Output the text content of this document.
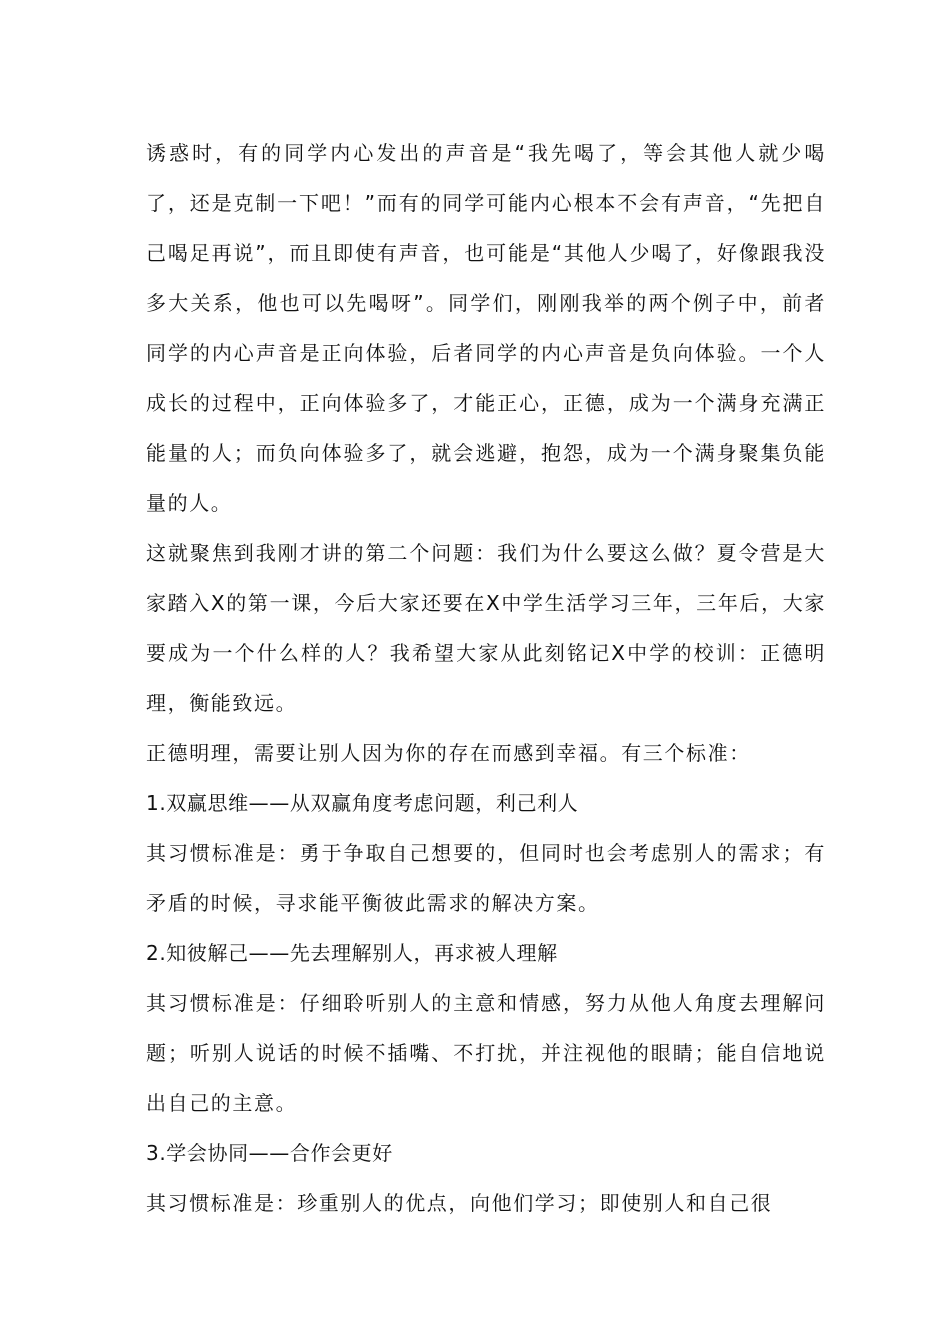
诱惑时，有的同学内心发出的声音是“我先喝了，等会其他人就少喝了，还是克制一下吧！”而有的同学可能内心根本不会有声音，“先把自己喝足再说”，而且即使有声音，也可能是“其他人少喝了，好像跟我没多大关系，他也可以先喝呀”。同学们，刚刚我举的两个例子中，前者同学的内心声音是正向体验，后者同学的内心声音是负向体验。一个人成长的过程中，正向体验多了，才能正心，正德，成为一个满身充满正能量的人；而负向体验多了，就会逃避，抱怨，成为一个满身聚集负能量的人。

这就聚焦到我刚才讲的第二个问题：我们为什么要这么做？夏令营是大家踏入X的第一课，今后大家还要在X中学生活学习三年，三年后，大家要成为一个什么样的人？我希望大家从此刻铭记X中学的校训：正德明理，衡能致远。

正德明理，需要让别人因为你的存在而感到幸福。有三个标准：

1.双赢思维——从双赢角度考虑问题，利己利人

其习惯标准是：勇于争取自己想要的，但同时也会考虑别人的需求；有矛盾的时候，寻求能平衡彼此需求的解决方案。

2.知彼解己——先去理解别人，再求被人理解

其习惯标准是：仔细聆听别人的主意和情感，努力从他人角度去理解问题；听别人说话的时候不插嘴、不打扰，并注视他的眼睛；能自信地说出自己的主意。

3.学会协同——合作会更好

其习惯标准是：珍重别人的优点，向他们学习；即使别人和自己很
